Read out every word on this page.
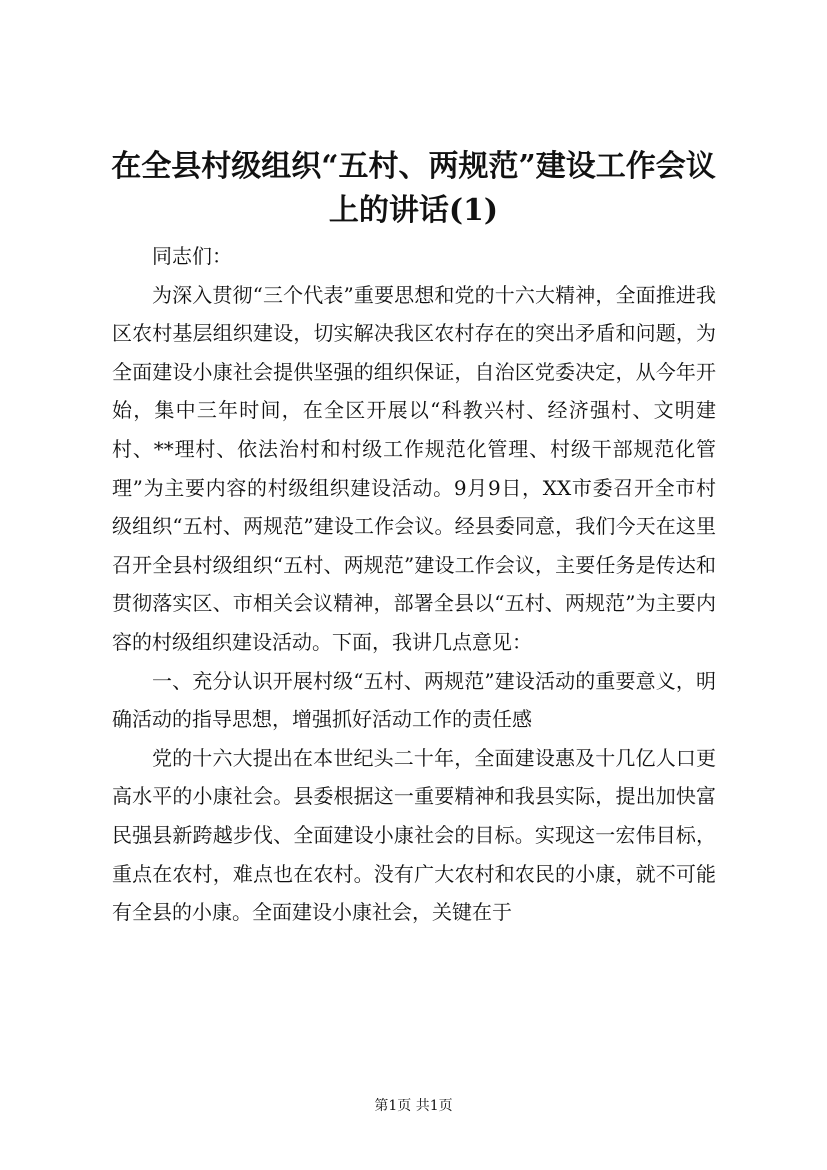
在全县村级组织“五村、两规范”建设工作会议上的讲话(1)

同志们：

为深入贯彻“三个代表”重要思想和党的十六大精神，全面推进我区农村基层组织建设，切实解决我区农村存在的突出矛盾和问题，为全面建设小康社会提供坚强的组织保证，自治区党委决定，从今年开始，集中三年时间，在全区开展以“科教兴村、经济强村、文明建村、**理村、依法治村和村级工作规范化管理、村级干部规范化管理”为主要内容的村级组织建设活动。9月9日，XX市委召开全市村级组织“五村、两规范”建设工作会议。经县委同意，我们今天在这里召开全县村级组织“五村、两规范”建设工作会议，主要任务是传达和贯彻落实区、市相关会议精神，部署全县以“五村、两规范”为主要内容的村级组织建设活动。下面，我讲几点意见：

一、充分认识开展村级“五村、两规范”建设活动的重要意义，明确活动的指导思想，增强抓好活动工作的责任感

党的十六大提出在本世纪头二十年，全面建设惠及十几亿人口更高水平的小康社会。县委根据这一重要精神和我县实际，提出加快富民强县新跨越步伐、全面建设小康社会的目标。实现这一宏伟目标，重点在农村，难点也在农村。没有广大农村和农民的小康，就不可能有全县的小康。全面建设小康社会，关键在于

第1页 共1页
